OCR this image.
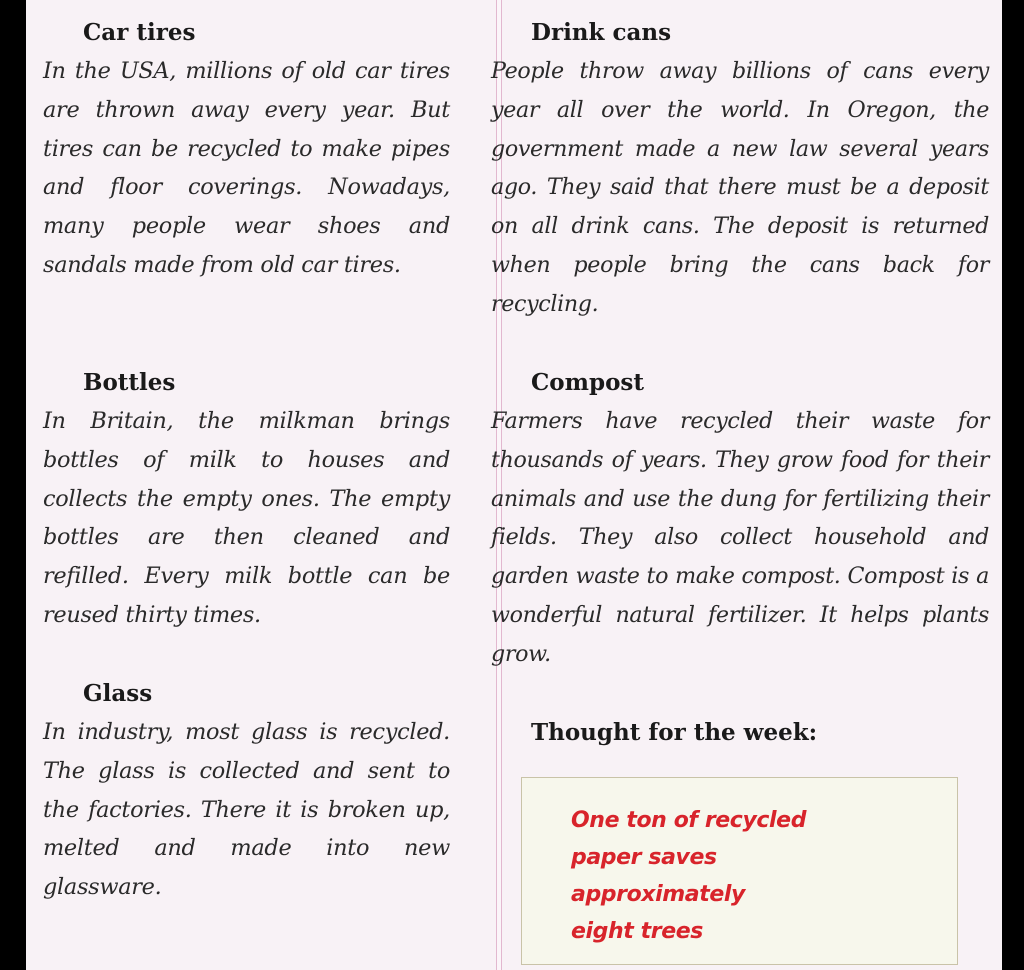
Car tires

In the USA, millions of old car tires are thrown away every year. But tires can be recycled to make pipes and floor coverings. Nowadays, many people wear shoes and sandals made from old car tires.

Bottles

In Britain, the milkman brings bottles of milk to houses and collects the empty ones. The empty bottles are then cleaned and refilled. Every milk bottle can be reused thirty times.

Glass

In industry, most glass is recycled. The glass is collected and sent to the factories. There it is broken up, melted and made into new glassware.

Drink cans

People throw away billions of cans every year all over the world. In Oregon, the government made a new law several years ago. They said that there must be a deposit on all drink cans. The deposit is returned when people bring the cans back for recycling.

Compost

Farmers have recycled their waste for thousands of years. They grow food for their animals and use the dung for fertilizing their fields. They also collect household and garden waste to make compost. Compost is a wonderful natural fertilizer. It helps plants grow.

Thought for the week:
One ton of recycled
paper saves
approximately
eight trees
